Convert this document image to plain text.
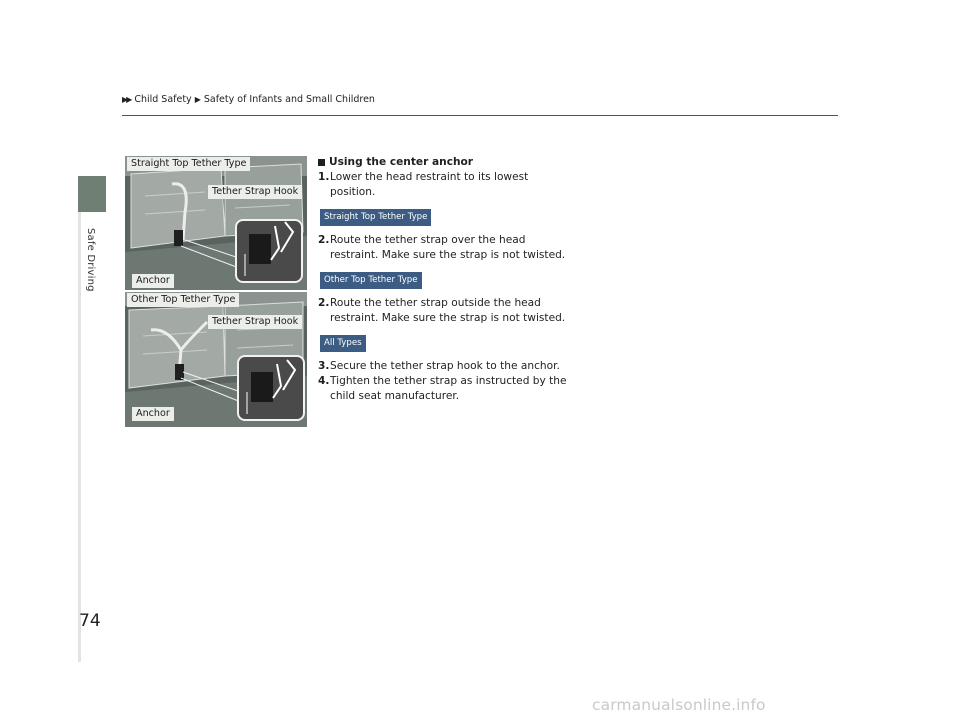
▶▶ Child Safety ▶ Safety of Infants and Small Children
Safe Driving
74
Straight Top Tether Type
Tether Strap Hook
Anchor
Other Top Tether Type
Tether Strap Hook
Anchor
Using the center anchor
1. Lower the head restraint to its lowest position.
Straight Top Tether Type
2. Route the tether strap over the head restraint. Make sure the strap is not twisted.
Other Top Tether Type
2. Route the tether strap outside the head restraint. Make sure the strap is not twisted.
All Types
3. Secure the tether strap hook to the anchor.
4. Tighten the tether strap as instructed by the child seat manufacturer.
carmanualsonline.info
